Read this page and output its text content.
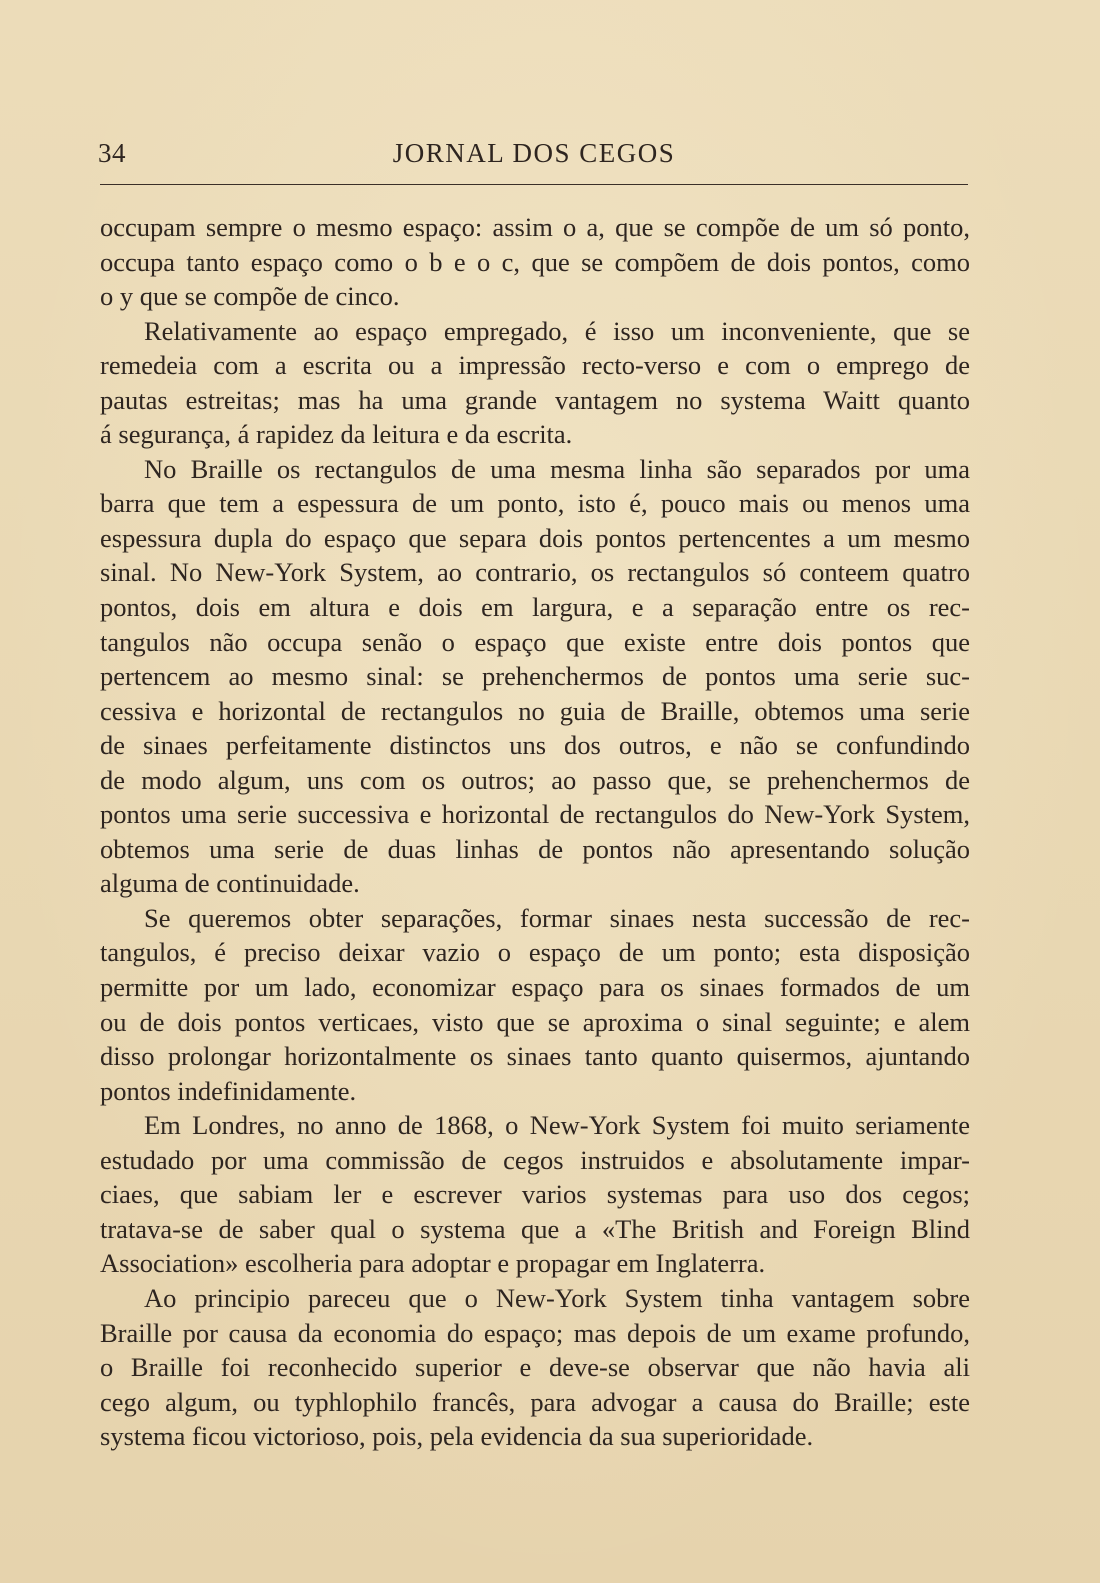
34	JORNAL DOS CEGOS
occupam sempre o mesmo espaço: assim o a, que se compõe de um só ponto,
occupa tanto espaço como o b e o c, que se compõem de dois pontos, como
o y que se compõe de cinco.
Relativamente ao espaço empregado, é isso um inconveniente, que se
remedeia com a escrita ou a impressão recto-verso e com o emprego de
pautas estreitas; mas ha uma grande vantagem no systema Waitt quanto
á segurança, á rapidez da leitura e da escrita.
No Braille os rectangulos de uma mesma linha são separados por uma
barra que tem a espessura de um ponto, isto é, pouco mais ou menos uma
espessura dupla do espaço que separa dois pontos pertencentes a um mesmo
sinal. No New-York System, ao contrario, os rectangulos só conteem quatro
pontos, dois em altura e dois em largura, e a separação entre os rec-
tangulos não occupa senão o espaço que existe entre dois pontos que
pertencem ao mesmo sinal: se prehenchermos de pontos uma serie suc-
cessiva e horizontal de rectangulos no guia de Braille, obtemos uma serie
de sinaes perfeitamente distinctos uns dos outros, e não se confundindo
de modo algum, uns com os outros; ao passo que, se prehenchermos de
pontos uma serie successiva e horizontal de rectangulos do New-York System,
obtemos uma serie de duas linhas de pontos não apresentando solução
alguma de continuidade.
Se queremos obter separações, formar sinaes nesta successão de rec-
tangulos, é preciso deixar vazio o espaço de um ponto; esta disposição
permitte por um lado, economizar espaço para os sinaes formados de um
ou de dois pontos verticaes, visto que se aproxima o sinal seguinte; e alem
disso prolongar horizontalmente os sinaes tanto quanto quisermos, ajuntando
pontos indefinidamente.
Em Londres, no anno de 1868, o New-York System foi muito seriamente
estudado por uma commissão de cegos instruidos e absolutamente impar-
ciaes, que sabiam ler e escrever varios systemas para uso dos cegos;
tratava-se de saber qual o systema que a «The British and Foreign Blind
Association» escolheria para adoptar e propagar em Inglaterra.
Ao principio pareceu que o New-York System tinha vantagem sobre
Braille por causa da economia do espaço; mas depois de um exame profundo,
o Braille foi reconhecido superior e deve-se observar que não havia ali
cego algum, ou typhlophilo francês, para advogar a causa do Braille; este
systema ficou victorioso, pois, pela evidencia da sua superioridade.
